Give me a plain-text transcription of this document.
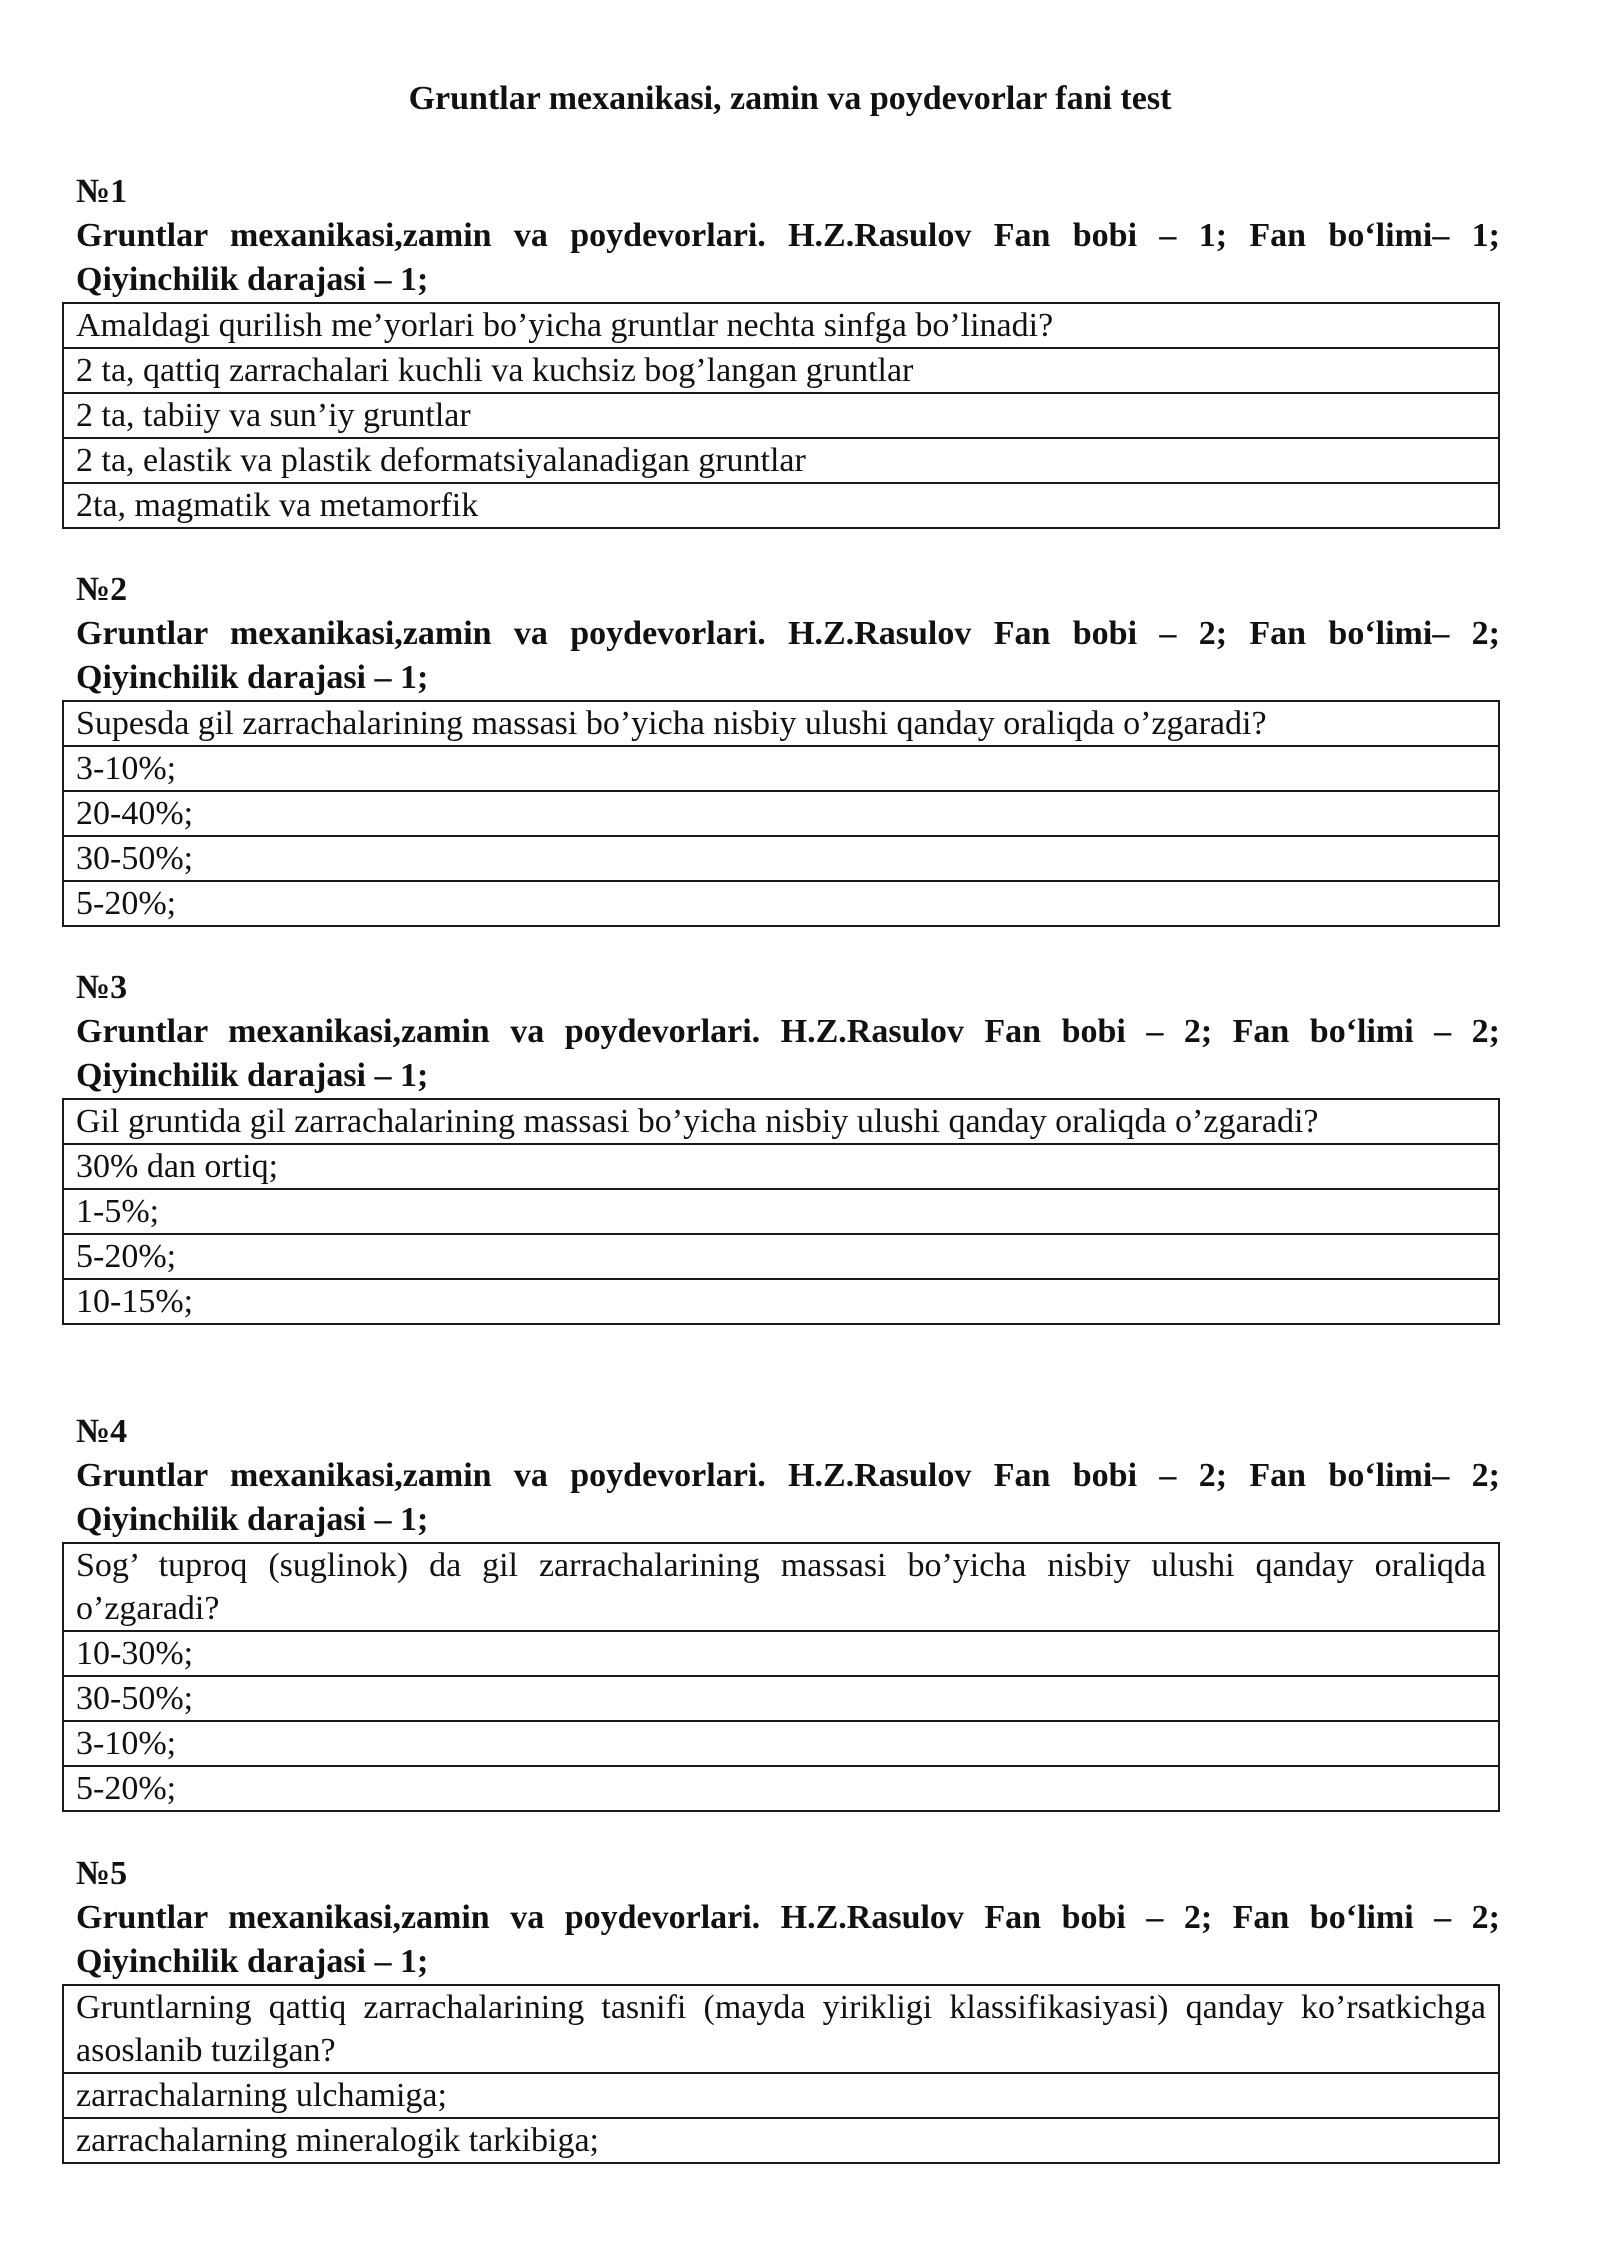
Gruntlar mexanikasi, zamin va poydevorlar fani test
№1
Gruntlar mexanikasi,zamin va poydevorlari. H.Z.Rasulov Fan bobi – 1; Fan bo‘limi– 1; Qiyinchilik darajasi – 1;
Amaldagi qurilish me’yorlari bo’yicha gruntlar nechta sinfga bo’linadi?
2 ta, qattiq zarrachalari kuchli va kuchsiz bog’langan gruntlar
2 ta, tabiiy va sun’iy gruntlar
2 ta, elastik va plastik deformatsiyalanadigan gruntlar
2ta, magmatik va metamorfik
№2
Gruntlar mexanikasi,zamin va poydevorlari. H.Z.Rasulov Fan bobi – 2; Fan bo‘limi– 2; Qiyinchilik darajasi – 1;
Supesda gil zarrachalarining massasi bo’yicha nisbiy ulushi qanday oraliqda o’zgaradi?
3-10%;
20-40%;
30-50%;
5-20%;
№3
Gruntlar mexanikasi,zamin va poydevorlari. H.Z.Rasulov Fan bobi – 2; Fan bo‘limi – 2; Qiyinchilik darajasi – 1;
Gil gruntida gil zarrachalarining massasi bo’yicha nisbiy ulushi qanday oraliqda o’zgaradi?
30% dan ortiq;
1-5%;
5-20%;
10-15%;
№4
Gruntlar mexanikasi,zamin va poydevorlari. H.Z.Rasulov Fan bobi – 2; Fan bo‘limi– 2; Qiyinchilik darajasi – 1;
Sog’ tuproq (suglinok) da gil zarrachalarining massasi bo’yicha nisbiy ulushi qanday oraliqda o’zgaradi?
10-30%;
30-50%;
3-10%;
5-20%;
№5
Gruntlar mexanikasi,zamin va poydevorlari. H.Z.Rasulov Fan bobi – 2; Fan bo‘limi – 2; Qiyinchilik darajasi – 1;
Gruntlarning qattiq zarrachalarining tasnifi (mayda yirikligi klassifikasiyasi) qanday ko’rsatkichga asoslanib tuzilgan?
zarrachalarning ulchamiga;
zarrachalarning mineralogik tarkibiga;
